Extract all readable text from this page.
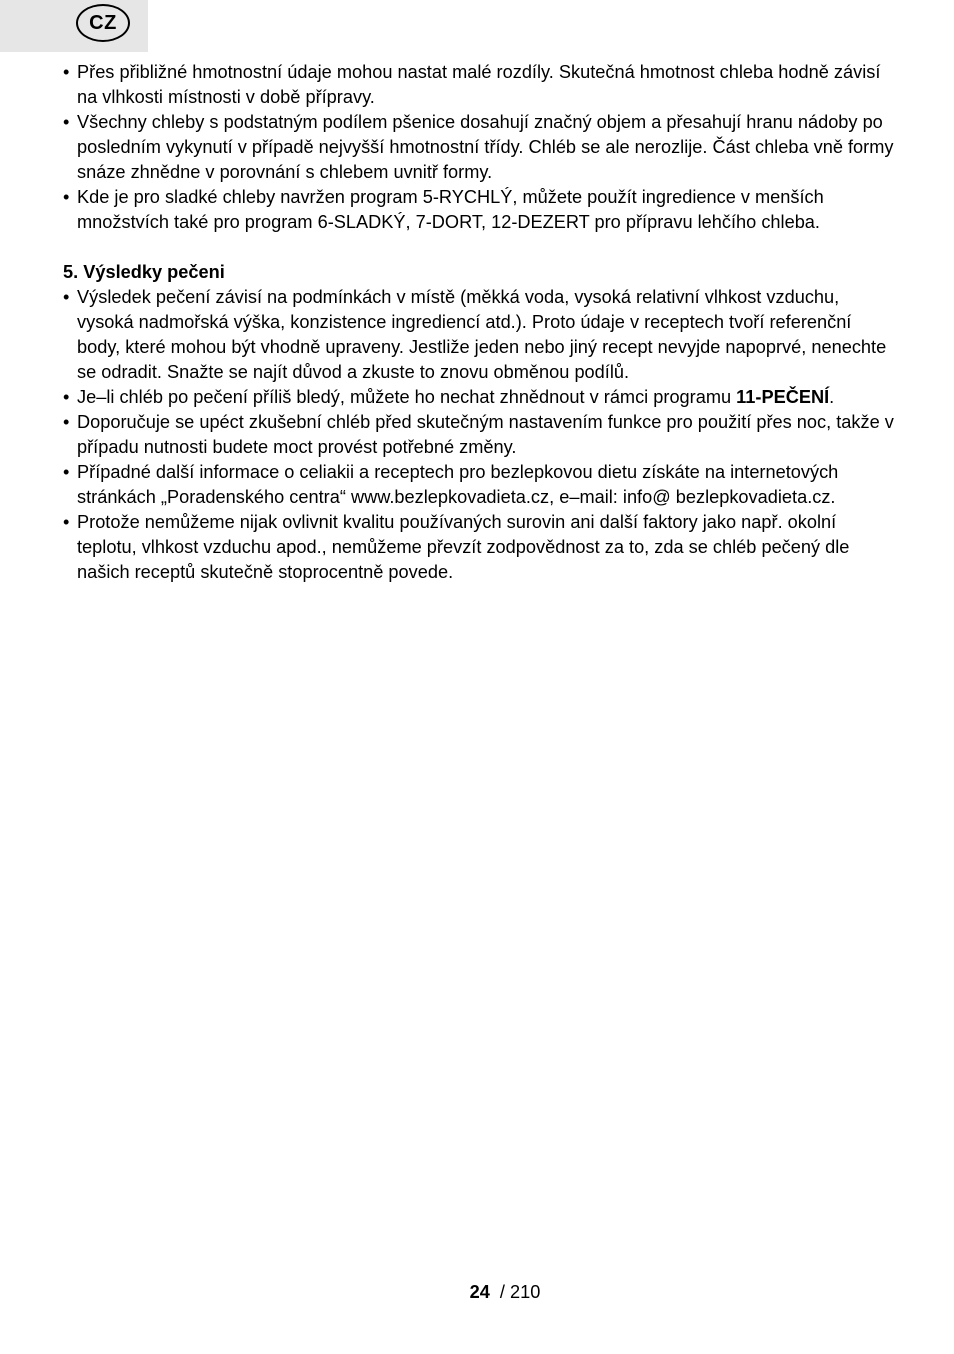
CZ
• Přes přibližné hmotnostní údaje mohou nastat malé rozdíly. Skutečná hmotnost chleba hodně závisí na vlhkosti místnosti v době přípravy.
• Všechny chleby s podstatným podílem pšenice dosahují značný objem a přesahují hranu nádoby po posledním vykynutí v případě nejvyšší hmotnostní třídy. Chléb se ale nerozlije. Část chleba vně formy snáze zhnědne v porovnání s chlebem uvnitř formy.
• Kde je pro sladké chleby navržen program 5-RYCHLÝ, můžete použít ingredience v menších množstvích také pro program 6-SLADKÝ, 7-DORT, 12-DEZERT pro přípravu lehčího chleba.
5. Výsledky pečeni
• Výsledek pečení závisí na podmínkách v místě (měkká voda, vysoká relativní vlhkost vzduchu, vysoká nadmořská výška, konzistence ingrediencí atd.). Proto údaje v receptech tvoří referenční body, které mohou být vhodně upraveny. Jestliže jeden nebo jiný recept nevyjde napoprvé, nenechte se odradit. Snažte se najít důvod a zkuste to znovu obměnou podílů.
• Je–li chléb po pečení příliš bledý, můžete ho nechat zhnědnout v rámci programu 11-PEČENÍ.
• Doporučuje se upéct zkušební chléb před skutečným nastavením funkce pro použití přes noc, takže v případu nutnosti budete moct provést potřebné změny.
• Případné další informace o celiakii a receptech pro bezlepkovou dietu získáte na internetových stránkách „Poradenského centra“ www.bezlepkovadieta.cz, e–mail: info@ bezlepkovadieta.cz.
• Protože nemůžeme nijak ovlivnit kvalitu používaných surovin ani další faktory jako např. okolní teplotu, vlhkost vzduchu apod., nemůžeme převzít zodpovědnost za to, zda se chléb pečený dle našich receptů skutečně stoprocentně povede.
24 / 210
